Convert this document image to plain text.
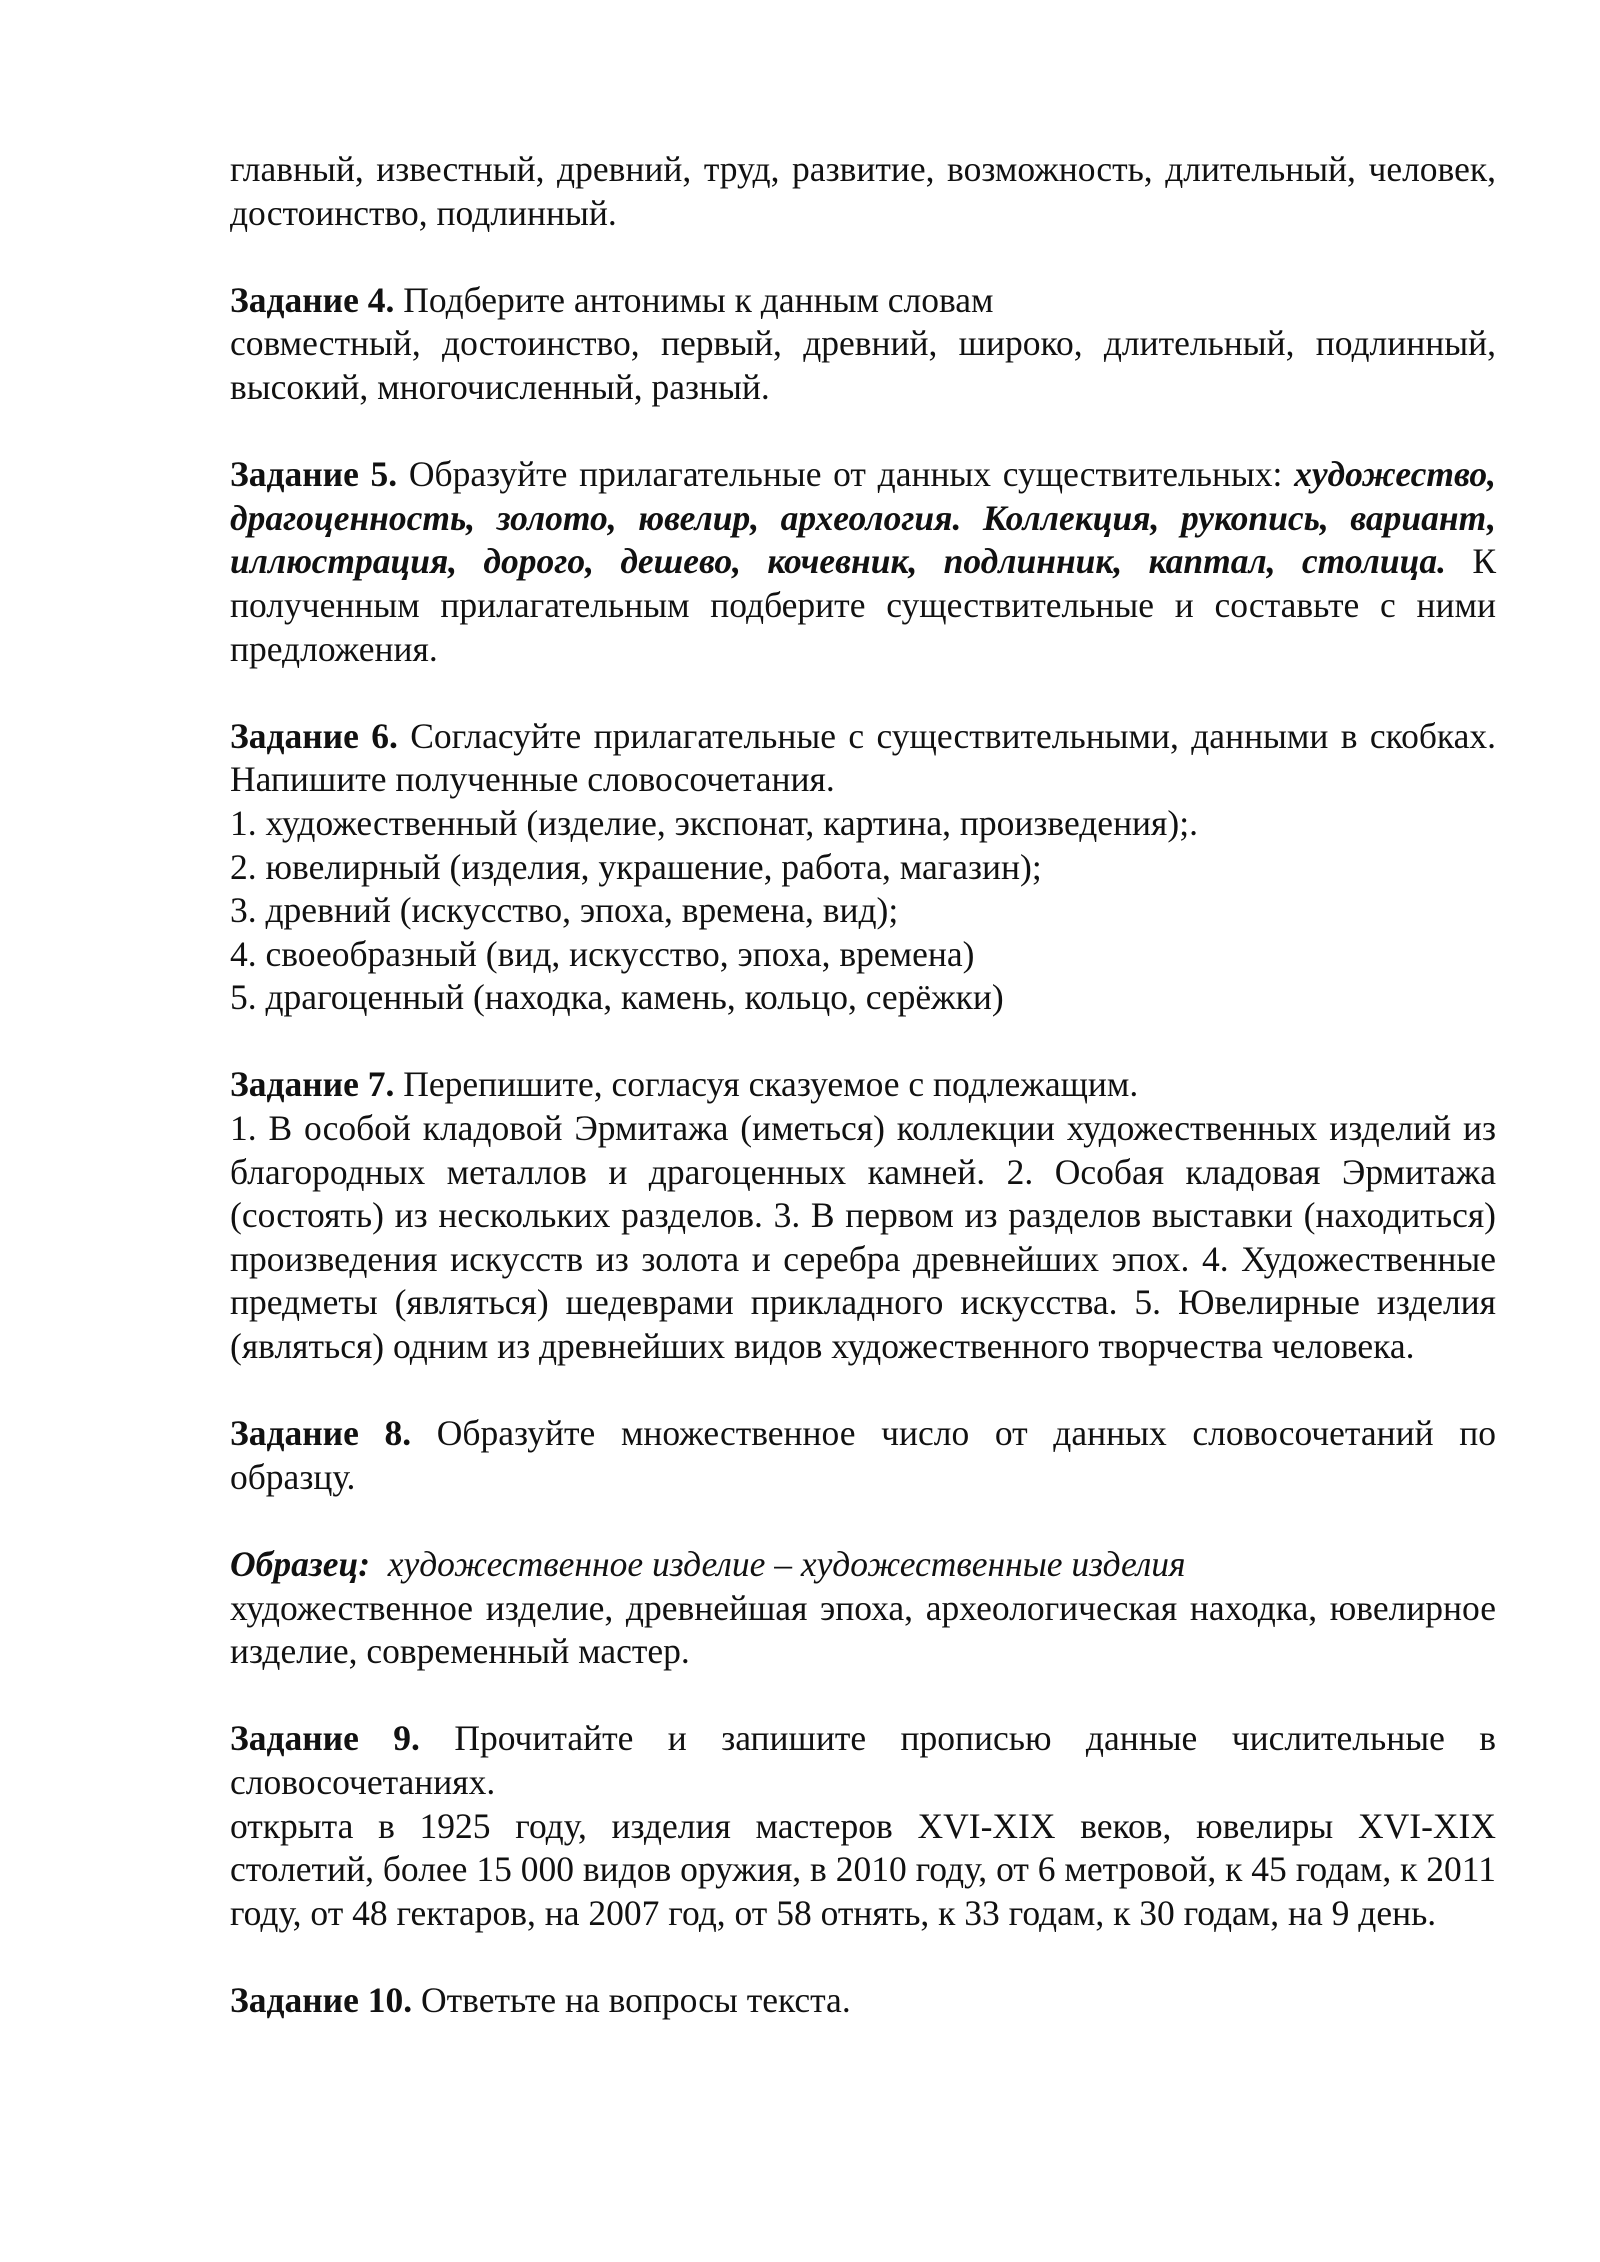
главный, известный, древний, труд, развитие, возможность, длительный, человек, достоинство, подлинный.

Задание 4. Подберите антонимы к данным словам

совместный, достоинство, первый, древний, широко, длительный, подлинный, высокий, многочисленный, разный.

Задание 5. Образуйте прилагательные от данных существительных: художество, драгоценность, золото, ювелир, археология. Коллекция, рукопись, вариант, иллюстрация, дорого, дешево, кочевник, подлинник, каптал, столица. К полученным прилагательным подберите существительные и составьте с ними предложения.

Задание 6. Согласуйте прилагательные с существительными, данными в скобках. Напишите полученные словосочетания.

1. художественный (изделие, экспонат, картина, произведения);.

2. ювелирный (изделия, украшение, работа, магазин);

3. древний (искусство, эпоха, времена, вид);

4. своеобразный (вид, искусство, эпоха, времена)

5. драгоценный (находка, камень, кольцо, серёжки)

Задание 7. Перепишите, согласуя сказуемое с подлежащим.

1. В особой кладовой Эрмитажа (иметься) коллекции художественных изделий из благородных металлов и драгоценных камней. 2. Особая кладовая Эрмитажа (состоять) из нескольких разделов. 3. В первом из разделов выставки (находиться) произведения искусств из золота и серебра древнейших эпох. 4. Художественные предметы (являться) шедеврами прикладного искусства. 5. Ювелирные изделия (являться) одним из древнейших видов художественного творчества человека.

Задание 8. Образуйте множественное число от данных словосочетаний по образцу.

Образец: художественное изделие – художественные изделия

художественное изделие, древнейшая эпоха, археологическая находка, ювелирное изделие, современный мастер.

Задание 9. Прочитайте и запишите прописью данные числительные в словосочетаниях.

открыта в 1925 году, изделия мастеров XVI-XIX веков, ювелиры XVI-XIX столетий, более 15 000 видов оружия, в 2010 году, от 6 метровой, к 45 годам, к 2011 году, от 48 гектаров, на 2007 год, от 58 отнять, к 33 годам, к 30 годам, на 9 день.

Задание 10. Ответьте на вопросы текста.
